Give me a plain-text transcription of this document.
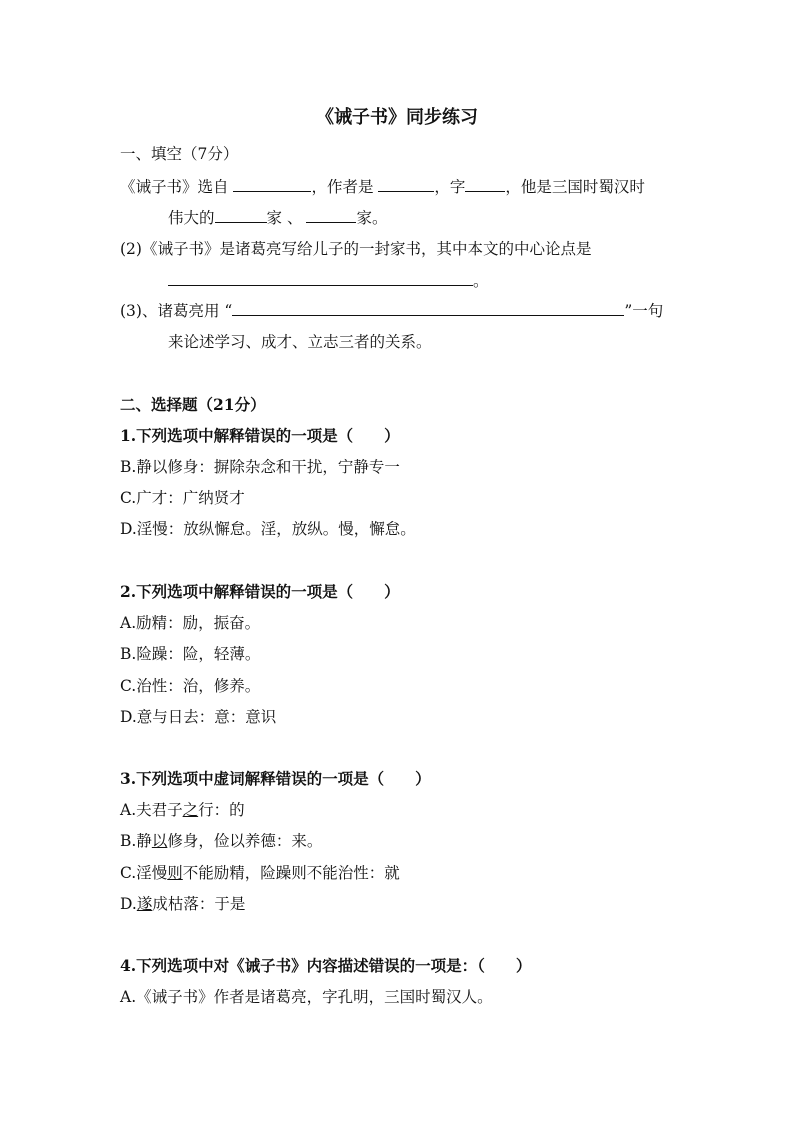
《诫子书》同步练习
一、填空（7分）
《诫子书》选自	，作者是	，字	，他是三国时蜀汉时
伟大的	家 、	家。
(2)《诫子书》是诸葛亮写给儿子的一封家书，其中本文的中心论点是
。
(3)、诸葛亮用 “	”一句
来论述学习、成才、立志三者的关系。
二、选择题（21分）
1.下列选项中解释错误的一项是（　　）
B.静以修身：摒除杂念和干扰，宁静专一
C.广才：广纳贤才
D.淫慢：放纵懈怠。淫，放纵。慢，懈怠。
2.下列选项中解释错误的一项是（　　）
A.励精：励，振奋。
B.险躁：险，轻薄。
C.治性：治，修养。
D.意与日去：意：意识
3.下列选项中虚词解释错误的一项是（　　）
A.夫君子之行：的
B.静以修身，俭以养德：来。
C.淫慢则不能励精，险躁则不能治性：就
D.遂成枯落：于是
4.下列选项中对《诫子书》内容描述错误的一项是：（　　）
A.《诫子书》作者是诸葛亮，字孔明，三国时蜀汉人。
